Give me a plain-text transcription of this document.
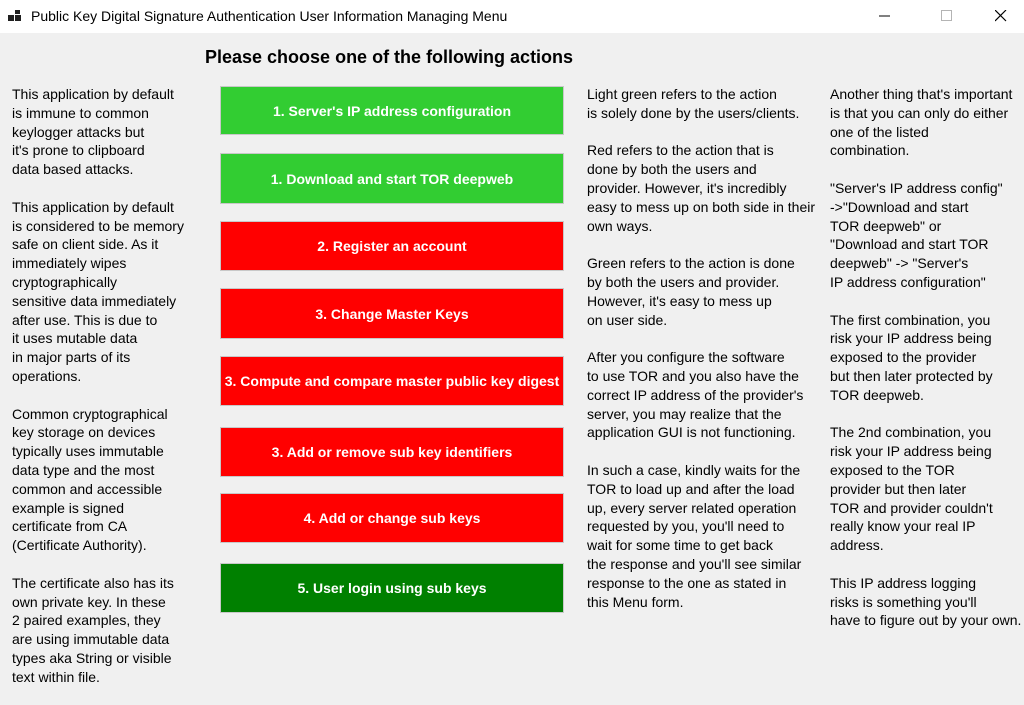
Public Key Digital Signature Authentication User Information Managing Menu
Please choose one of the following actions

This application by default
is immune to common
keylogger attacks but
it's prone to clipboard
data based attacks.

This application by default
is considered to be memory
safe on client side. As it
immediately wipes
cryptographically
sensitive data immediately
after use. This is due to
it uses mutable data
in major parts of its
operations.

Common cryptographical
key storage on devices
typically uses immutable
data type and the most
common and accessible
example is signed
certificate from CA
(Certificate Authority).

The certificate also has its
own private key. In these
2 paired examples, they
are using immutable data
types aka String or visible
text within file.

1. Server's IP address configuration
1. Download and start TOR deepweb
2. Register an account
3. Change Master Keys
3. Compute and compare master public key digest
3. Add or remove sub key identifiers
4. Add or change sub keys
5. User login using sub keys

Light green refers to the action
is solely done by the users/clients.

Red refers to the action that is
done by both the users and
provider. However, it's incredibly
easy to mess up on both side in their
own ways.

Green refers to the action is done
by both the users and provider.
However, it's easy to mess up
on user side.

After you configure the software
to use TOR and you also have the
correct IP address of the provider's
server, you may realize that the
application GUI is not functioning.

In such a case, kindly waits for the
TOR to load up and after the load
up, every server related operation
requested by you, you'll need to
wait for some time to get back
the response and you'll see similar
response to the one as stated in
this Menu form.

Another thing that's important
is that you can only do either
one of the listed
combination.

"Server's IP address config"
->"Download and start
TOR deepweb" or
"Download and start TOR
deepweb" -> "Server's
IP address configuration"

The first combination, you
risk your IP address being
exposed to the provider
but then later protected by
TOR deepweb.

The 2nd combination, you
risk your IP address being
exposed to the TOR
provider but then later
TOR and provider couldn't
really know your real IP
address.

This IP address logging
risks is something you'll
have to figure out by your own.
